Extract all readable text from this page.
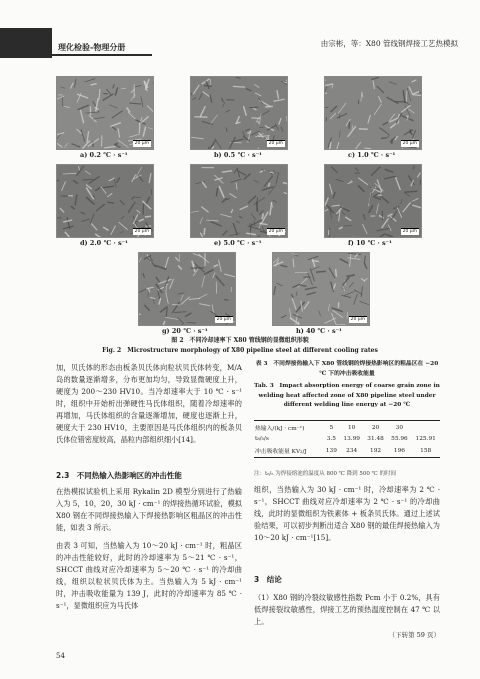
理化检验-物理分册	由宗彬，等：X80 管线钢焊接工艺热模拟
20 μm
a) 0.2 ℃ · s⁻¹
20 μm
b) 0.5 ℃ · s⁻¹
20 μm
c) 1.0 ℃ · s⁻¹
20 μm
d) 2.0 ℃ · s⁻¹
20 μm
e) 5.0 ℃ · s⁻¹
20 μm
f) 10 ℃ · s⁻¹
20 μm
g) 20 ℃ · s⁻¹
20 μm
h) 40 ℃ · s⁻¹
图 2　不同冷却速率下 X80 管线钢的显微组织形貌
Fig. 2　Microstructure morphology of X80 pipeline steel at different cooling rates
加，贝氏体的形态由板条贝氏体向粒状贝氏体转变，M/A 岛的数量逐渐增多，分布更加均匀，导致显微硬度上升，硬度为 200～230 HV10。当冷却速率大于 10 ℃ · s⁻¹ 时，组织中开始析出弹硬性马氏体组织，随着冷却速率的再增加，马氏体组织的含量逐渐增加，硬度也逐渐上升，硬度大于 230 HV10，主要原因是马氏体组织内的板条贝氏体位错密度较高，晶粒内部组织细小[14]。
2.3　不同热输入热影响区的冲击性能
在热模拟试验机上采用 Rykalin 2D 模型分别进行了热输入为 5，10，20，30 kJ · cm⁻¹ 的焊接热循环试验，模拟 X80 钢在不同焊接热输入下焊接热影响区粗晶区的冲击性能，如表 3 所示。
由表 3 可知，当热输入为 10～20 kJ · cm⁻¹ 时，粗晶区的冲击性能较好，此时的冷却速率为 5～21 ℃ · s⁻¹，SHCCT 曲线对应冷却速率为 5～20 ℃ · s⁻¹ 的冷却曲线，组织以粒状贝氏体为主。当热输入为 5 kJ · cm⁻¹ 时，冲击吸收能量为 139 J，此时的冷却速率为 85 ℃ · s⁻¹，显微组织应为马氏体
表 3　不同焊接热输入下 X80 管线钢的焊接热影响区的粗晶区在 −20 ℃ 下的冲击吸收能量
Tab. 3　Impact absorption energy of coarse grain zone in welding heat affected zone of X80 pipeline steel under different welding line energy at −20 ℃
热输入/(kJ · cm⁻¹)	5	10	20	30	
t₈/₅/s	3.5	13.99	31.48	55.96	125.91
冲击吸收能量 KV₂/J	139	234	192	196	158
注：t₈/₅ 为焊接熔池的温度从 800 ℃ 降到 500 ℃ 的时间
组织，当热输入为 30 kJ · cm⁻¹ 时，冷却速率为 2 ℃ · s⁻¹，SHCCT 曲线对应冷却速率为 2 ℃ · s⁻¹ 的冷却曲线，此时的显微组织为铁素体 + 板条贝氏体。通过上述试验结果，可以初步判断出适合 X80 钢的最佳焊接热输入为 10～20 kJ · cm⁻¹[15]。
3　结论
（1）X80 钢的冷裂纹敏感性指数 Pcm 小于 0.2%，具有低焊接裂纹敏感性，焊接工艺的预热温度控制在 47 ℃ 以上。
（下转第 59 页）
54
